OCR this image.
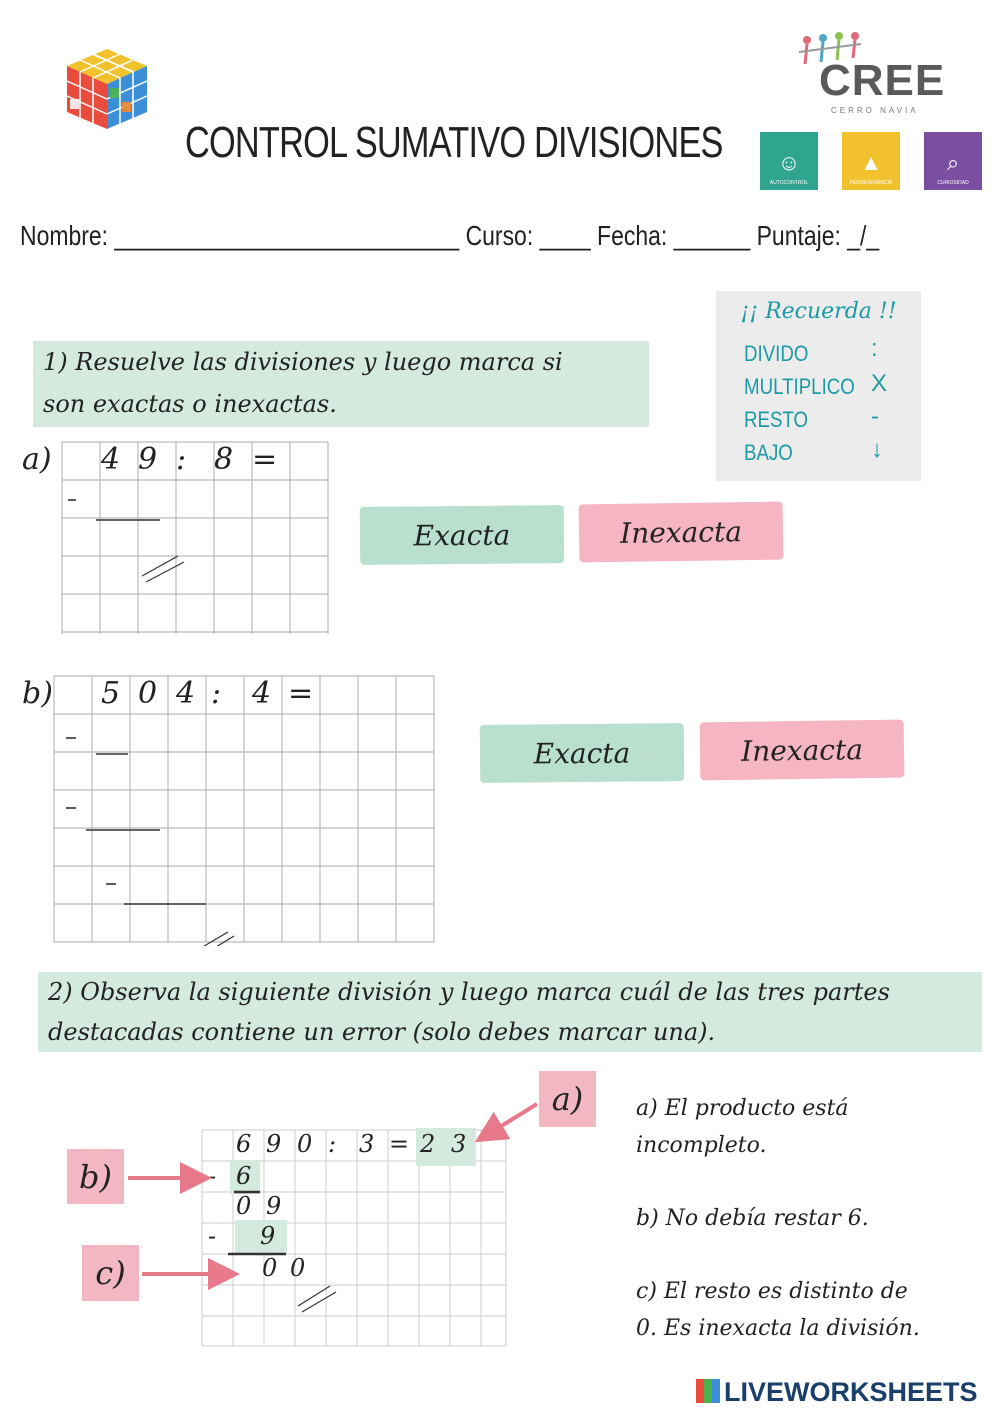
CONTROL SUMATIVO DIVISIONES
CREE
CERRO NAVIA
☺
AUTOCONTROL
▲
PERSEVERANCIA
⌕
CURIOSIDAD
Nombre: ___________________________ Curso: ____ Fecha: ______ Puntaje: _/_
¡¡ Recuerda !!
DIVIDO	:
MULTIPLICO X
RESTO	-
BAJO	↓
1) Resuelve las divisiones y luego marca si
son exactas o inexactas.
a) 4 9 : 8 =
Exacta	Inexacta
b) 5 0 4 : 4 =
Exacta	Inexacta
2) Observa la siguiente división y luego marca cuál de las tres partes
destacadas contiene un error (solo debes marcar una).
6 9 0 : 3 = 2 3
- 6
0 9
- 9
0 0
a)
b)
c)
a) El producto está
incompleto.
b) No debía restar 6.
c) El resto es distinto de
0. Es inexacta la división.
LIVEWORKSHEETS
